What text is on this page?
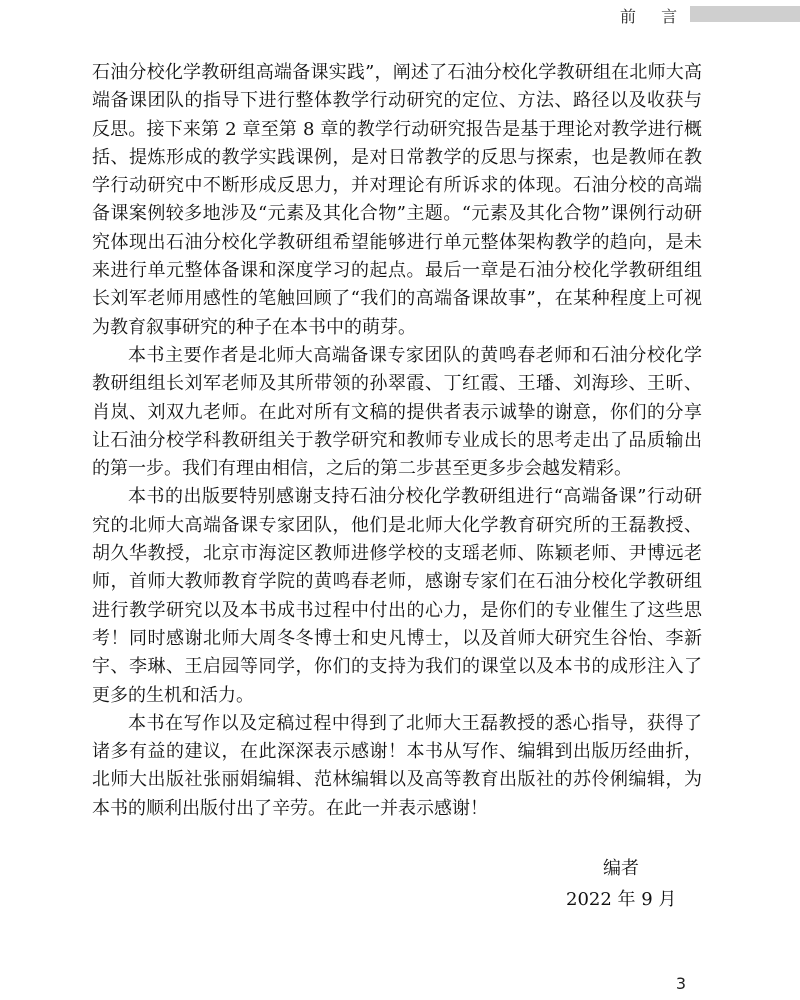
前 言

石油分校化学教研组高端备课实践”，阐述了石油分校化学教研组在北师大高端备课团队的指导下进行整体教学行动研究的定位、方法、路径以及收获与反思。接下来第 2 章至第 8 章的教学行动研究报告是基于理论对教学进行概括、提炼形成的教学实践课例，是对日常教学的反思与探索，也是教师在教学行动研究中不断形成反思力，并对理论有所诉求的体现。石油分校的高端备课案例较多地涉及“元素及其化合物”主题。“元素及其化合物”课例行动研究体现出石油分校化学教研组希望能够进行单元整体架构教学的趋向，是未来进行单元整体备课和深度学习的起点。最后一章是石油分校化学教研组组长刘军老师用感性的笔触回顾了“我们的高端备课故事”，在某种程度上可视为教育叙事研究的种子在本书中的萌芽。

本书主要作者是北师大高端备课专家团队的黄鸣春老师和石油分校化学教研组组长刘军老师及其所带领的孙翠霞、丁红霞、王璠、刘海珍、王昕、肖岚、刘双九老师。在此对所有文稿的提供者表示诚挚的谢意，你们的分享让石油分校学科教研组关于教学研究和教师专业成长的思考走出了品质输出的第一步。我们有理由相信，之后的第二步甚至更多步会越发精彩。

本书的出版要特别感谢支持石油分校化学教研组进行“高端备课”行动研究的北师大高端备课专家团队，他们是北师大化学教育研究所的王磊教授、胡久华教授，北京市海淀区教师进修学校的支瑶老师、陈颖老师、尹博远老师，首师大教师教育学院的黄鸣春老师，感谢专家们在石油分校化学教研组进行教学研究以及本书成书过程中付出的心力，是你们的专业催生了这些思考！同时感谢北师大周冬冬博士和史凡博士，以及首师大研究生谷怡、李新宇、李琳、王启园等同学，你们的支持为我们的课堂以及本书的成形注入了更多的生机和活力。

本书在写作以及定稿过程中得到了北师大王磊教授的悉心指导，获得了诸多有益的建议，在此深深表示感谢！本书从写作、编辑到出版历经曲折，北师大出版社张丽娟编辑、范林编辑以及高等教育出版社的苏伶俐编辑，为本书的顺利出版付出了辛劳。在此一并表示感谢！

编者
2022 年 9 月
3
